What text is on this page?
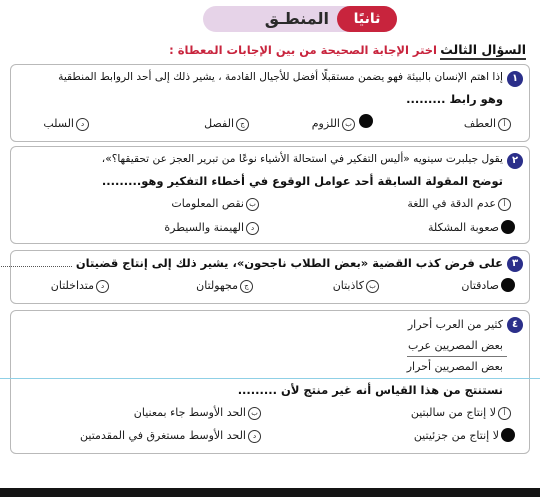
ثانيًا
المنطـق
السؤال الثالث
اختر الإجابة الصحيحة من بين الإجابات المعطاة :
١
إذا اهتم الإنسان بالبيئة فهو يضمن مستقبلًا أفضل للأجيال القادمة ، يشير ذلك إلى أحد الروابط المنطقية
وهو رابط .........
أالعطف
باللزوم
جالفصل
دالسلب
٢
يقول جيلبرت سينويه «أليس التفكير في استحالة الأشياء نوعًا من تبرير العجز عن تحقيقها؟»،
توضح المقولة السابقة أحد عوامل الوقوع في أخطاء التفكير وهو.........
أعدم الدقة في اللغة
بنقص المعلومات
صعوبة المشكلة
دالهيمنة والسيطرة
٣
على فرض كذب القضية «بعض الطلاب ناجحون»، يشير ذلك إلى إنتاج قضيتان
صادقتان
بكاذبتان
جمجهولتان
دمتداخلتان
٤
كثير من العرب أحرار
بعض المصريين عرب
بعض المصريين أحرار
نستنتج من هذا القياس أنه غير منتج لأن .........
ألا إنتاج من سالبتين
بالحد الأوسط جاء بمعنيان
لا إنتاج من جزئيتين
دالحد الأوسط مستغرق في المقدمتين
